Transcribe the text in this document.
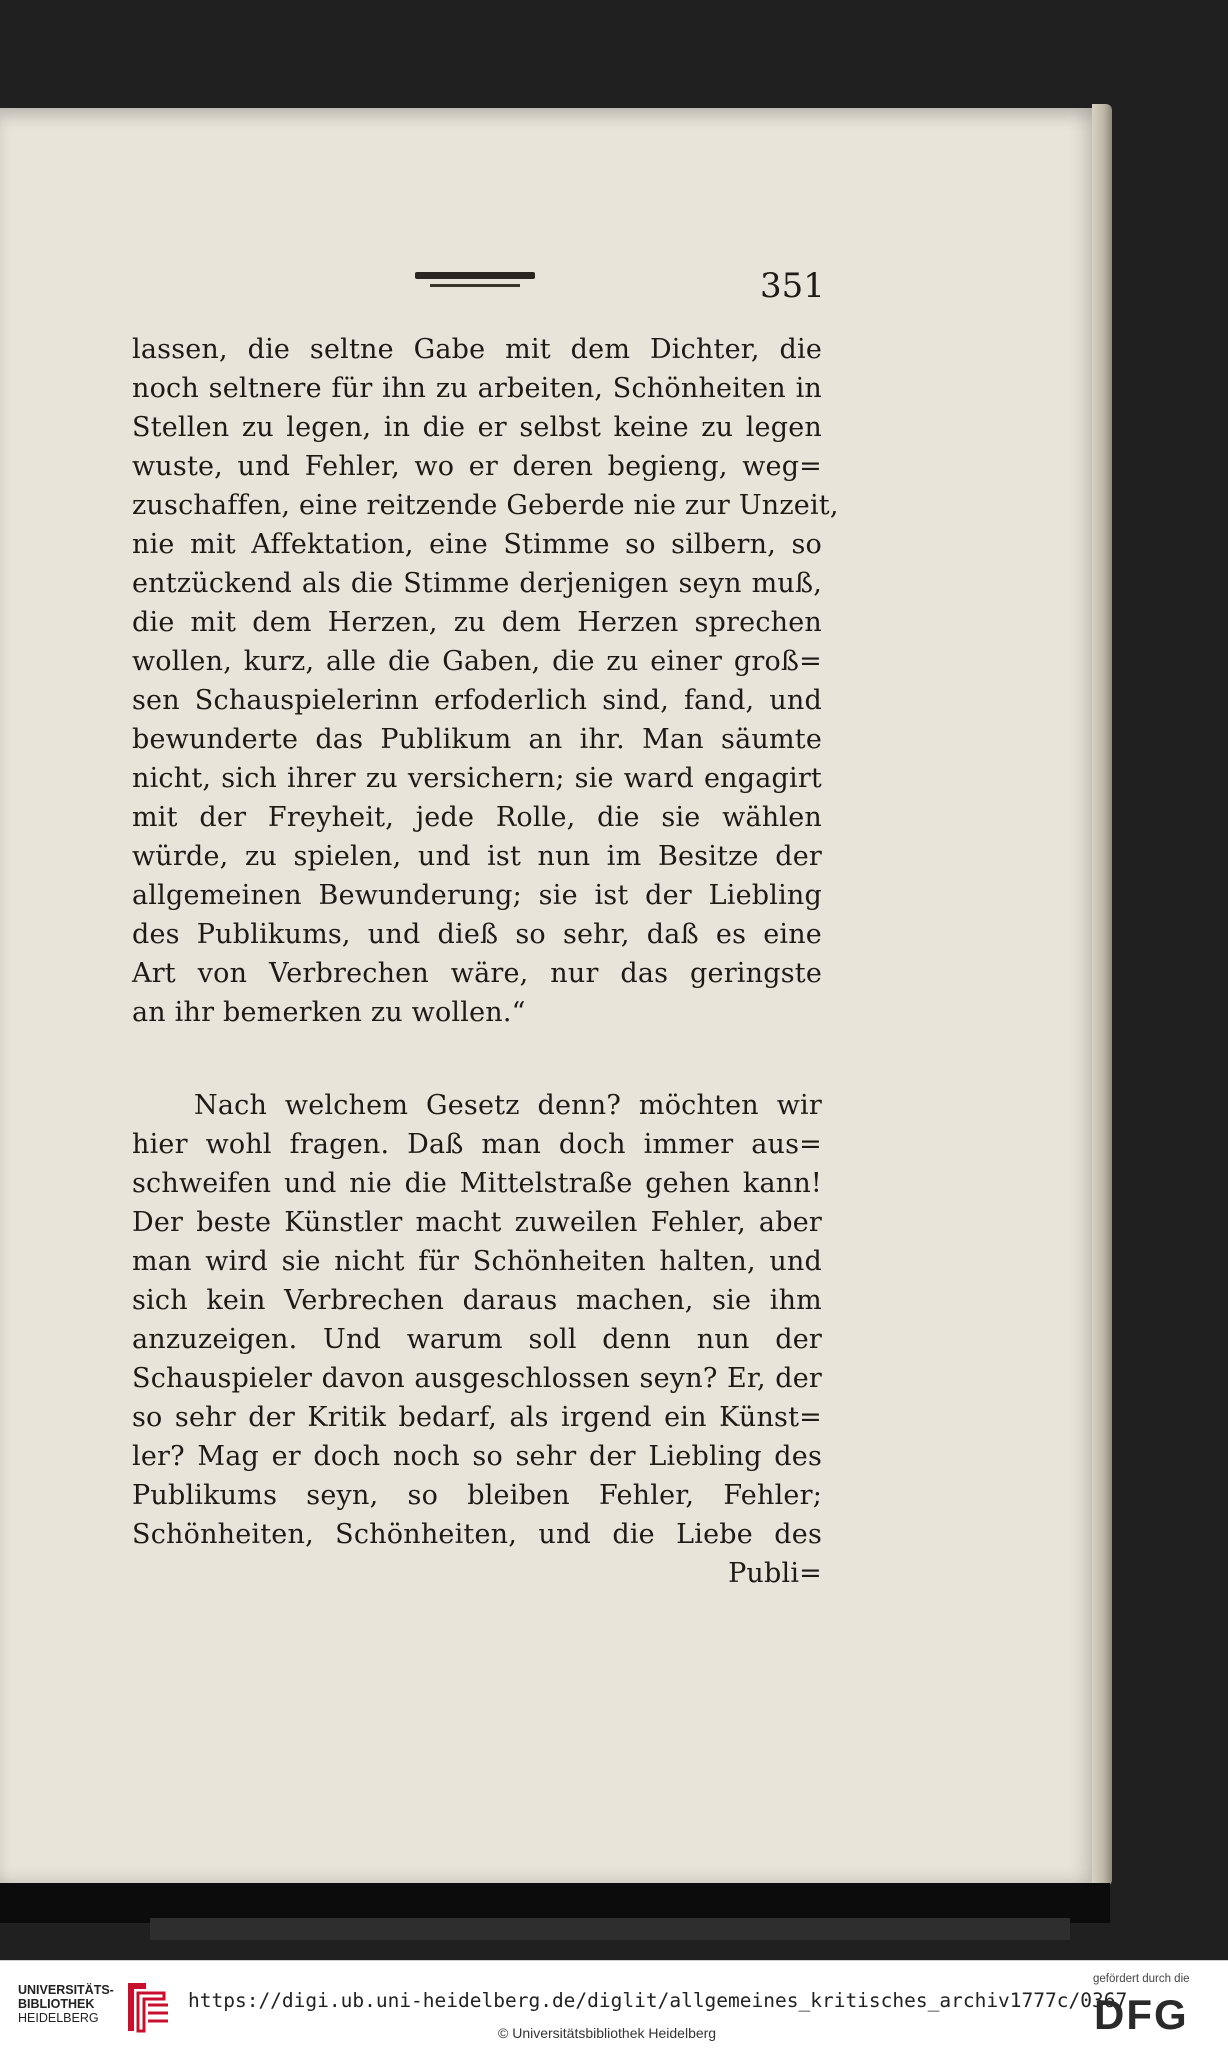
351
lassen, die seltne Gabe mit dem Dichter, die
noch seltnere für ihn zu arbeiten, Schönheiten in
Stellen zu legen, in die er selbst keine zu legen
wuste, und Fehler, wo er deren begieng, weg=
zuschaffen, eine reitzende Geberde nie zur Unzeit,
nie mit Affektation, eine Stimme so silbern, so
entzückend als die Stimme derjenigen seyn muß,
die mit dem Herzen, zu dem Herzen sprechen
wollen, kurz, alle die Gaben, die zu einer groß=
sen Schauspielerinn erfoderlich sind, fand, und
bewunderte das Publikum an ihr. Man säumte
nicht, sich ihrer zu versichern; sie ward engagirt
mit der Freyheit, jede Rolle, die sie wählen
würde, zu spielen, und ist nun im Besitze der
allgemeinen Bewunderung; sie ist der Liebling
des Publikums, und dieß so sehr, daß es eine
Art von Verbrechen wäre, nur das geringste
an ihr bemerken zu wollen.“
Nach welchem Gesetz denn? möchten wir
hier wohl fragen. Daß man doch immer aus=
schweifen und nie die Mittelstraße gehen kann!
Der beste Künstler macht zuweilen Fehler, aber
man wird sie nicht für Schönheiten halten, und
sich kein Verbrechen daraus machen, sie ihm
anzuzeigen. Und warum soll denn nun der
Schauspieler davon ausgeschlossen seyn? Er, der
so sehr der Kritik bedarf, als irgend ein Künst=
ler? Mag er doch noch so sehr der Liebling des
Publikums seyn, so bleiben Fehler, Fehler;
Schönheiten, Schönheiten, und die Liebe des
Publi=
UNIVERSITÄTS-
BIBLIOTHEK
HEIDELBERG
https://digi.ub.uni-heidelberg.de/diglit/allgemeines_kritisches_archiv1777c/0367
© Universitätsbibliothek Heidelberg
gefördert durch die
DFG
